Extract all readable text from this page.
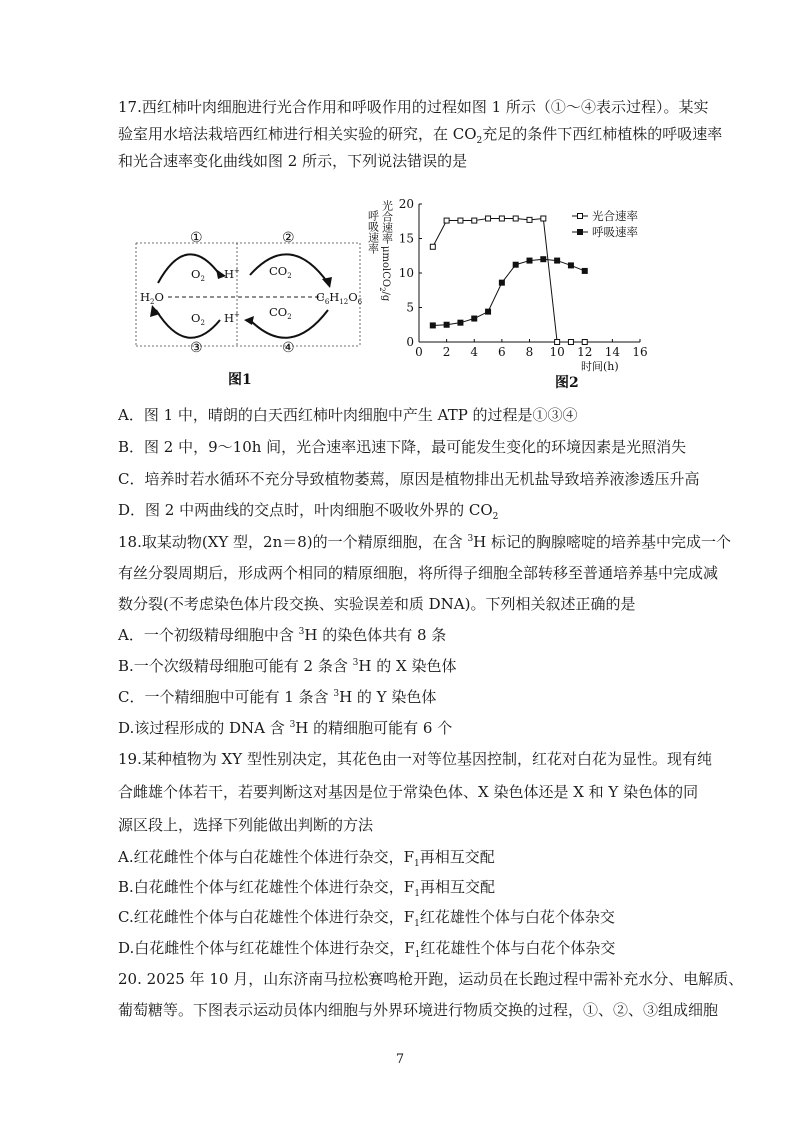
17.西红柿叶肉细胞进行光合作用和呼吸作用的过程如图 1 所示（①～④表示过程）。某实
验室用水培法栽培西红柿进行相关实验的研究，在 $CO_2$充足的条件下西红柿植株的呼吸速率
和光合速率变化曲线如图 2 所示，下列说法错误的是
①	②
③	④
$O_2$ H+	$CO_2$
$H_2O$	$C_6H_{12}O_6$
$CO_2$
$O_2$ H+
图1
光合速率
呼吸速率
μmolCO$_2$/g
0 2 4 6 8 10 12 14 16
0
5
10
15
20
光合速率
呼吸速率
时间(h)
图2
A．图 1 中，晴朗的白天西红柿叶肉细胞中产生 ATP 的过程是①③④
B．图 2 中，9～10h 间，光合速率迅速下降，最可能发生变化的环境因素是光照消失
C．培养时若水循环不充分导致植物萎蔫，原因是植物排出无机盐导致培养液渗透压升高
D．图 2 中两曲线的交点时，叶肉细胞不吸收外界的 $CO_2$
18.取某动物(XY 型，2n＝8)的一个精原细胞，在含 $^3$H 标记的胸腺嘧啶的培养基中完成一个
有丝分裂周期后，形成两个相同的精原细胞，将所得子细胞全部转移至普通培养基中完成减
数分裂(不考虑染色体片段交换、实验误差和质 DNA)。下列相关叙述正确的是
A．一个初级精母细胞中含 $^3$H 的染色体共有 8 条
B.一个次级精母细胞可能有 2 条含 $^3$H 的 X 染色体
C．一个精细胞中可能有 1 条含 $^3$H 的 Y 染色体
D.该过程形成的 DNA 含 $^3$H 的精细胞可能有 6 个
19.某种植物为 XY 型性别决定，其花色由一对等位基因控制，红花对白花为显性。现有纯
合雌雄个体若干，若要判断这对基因是位于常染色体、X 染色体还是 X 和 Y 染色体的同
源区段上，选择下列能做出判断的方法
A.红花雌性个体与白花雄性个体进行杂交，$F_1$再相互交配
B.白花雌性个体与红花雄性个体进行杂交，$F_1$再相互交配
C.红花雌性个体与白花雄性个体进行杂交，$F_1$红花雄性个体与白花个体杂交
D.白花雌性个体与红花雄性个体进行杂交，$F_1$红花雄性个体与白花个体杂交
20. 2025 年 10 月，山东济南马拉松赛鸣枪开跑，运动员在长跑过程中需补充水分、电解质、
葡萄糖等。下图表示运动员体内细胞与外界环境进行物质交换的过程，①、②、③组成细胞
7
